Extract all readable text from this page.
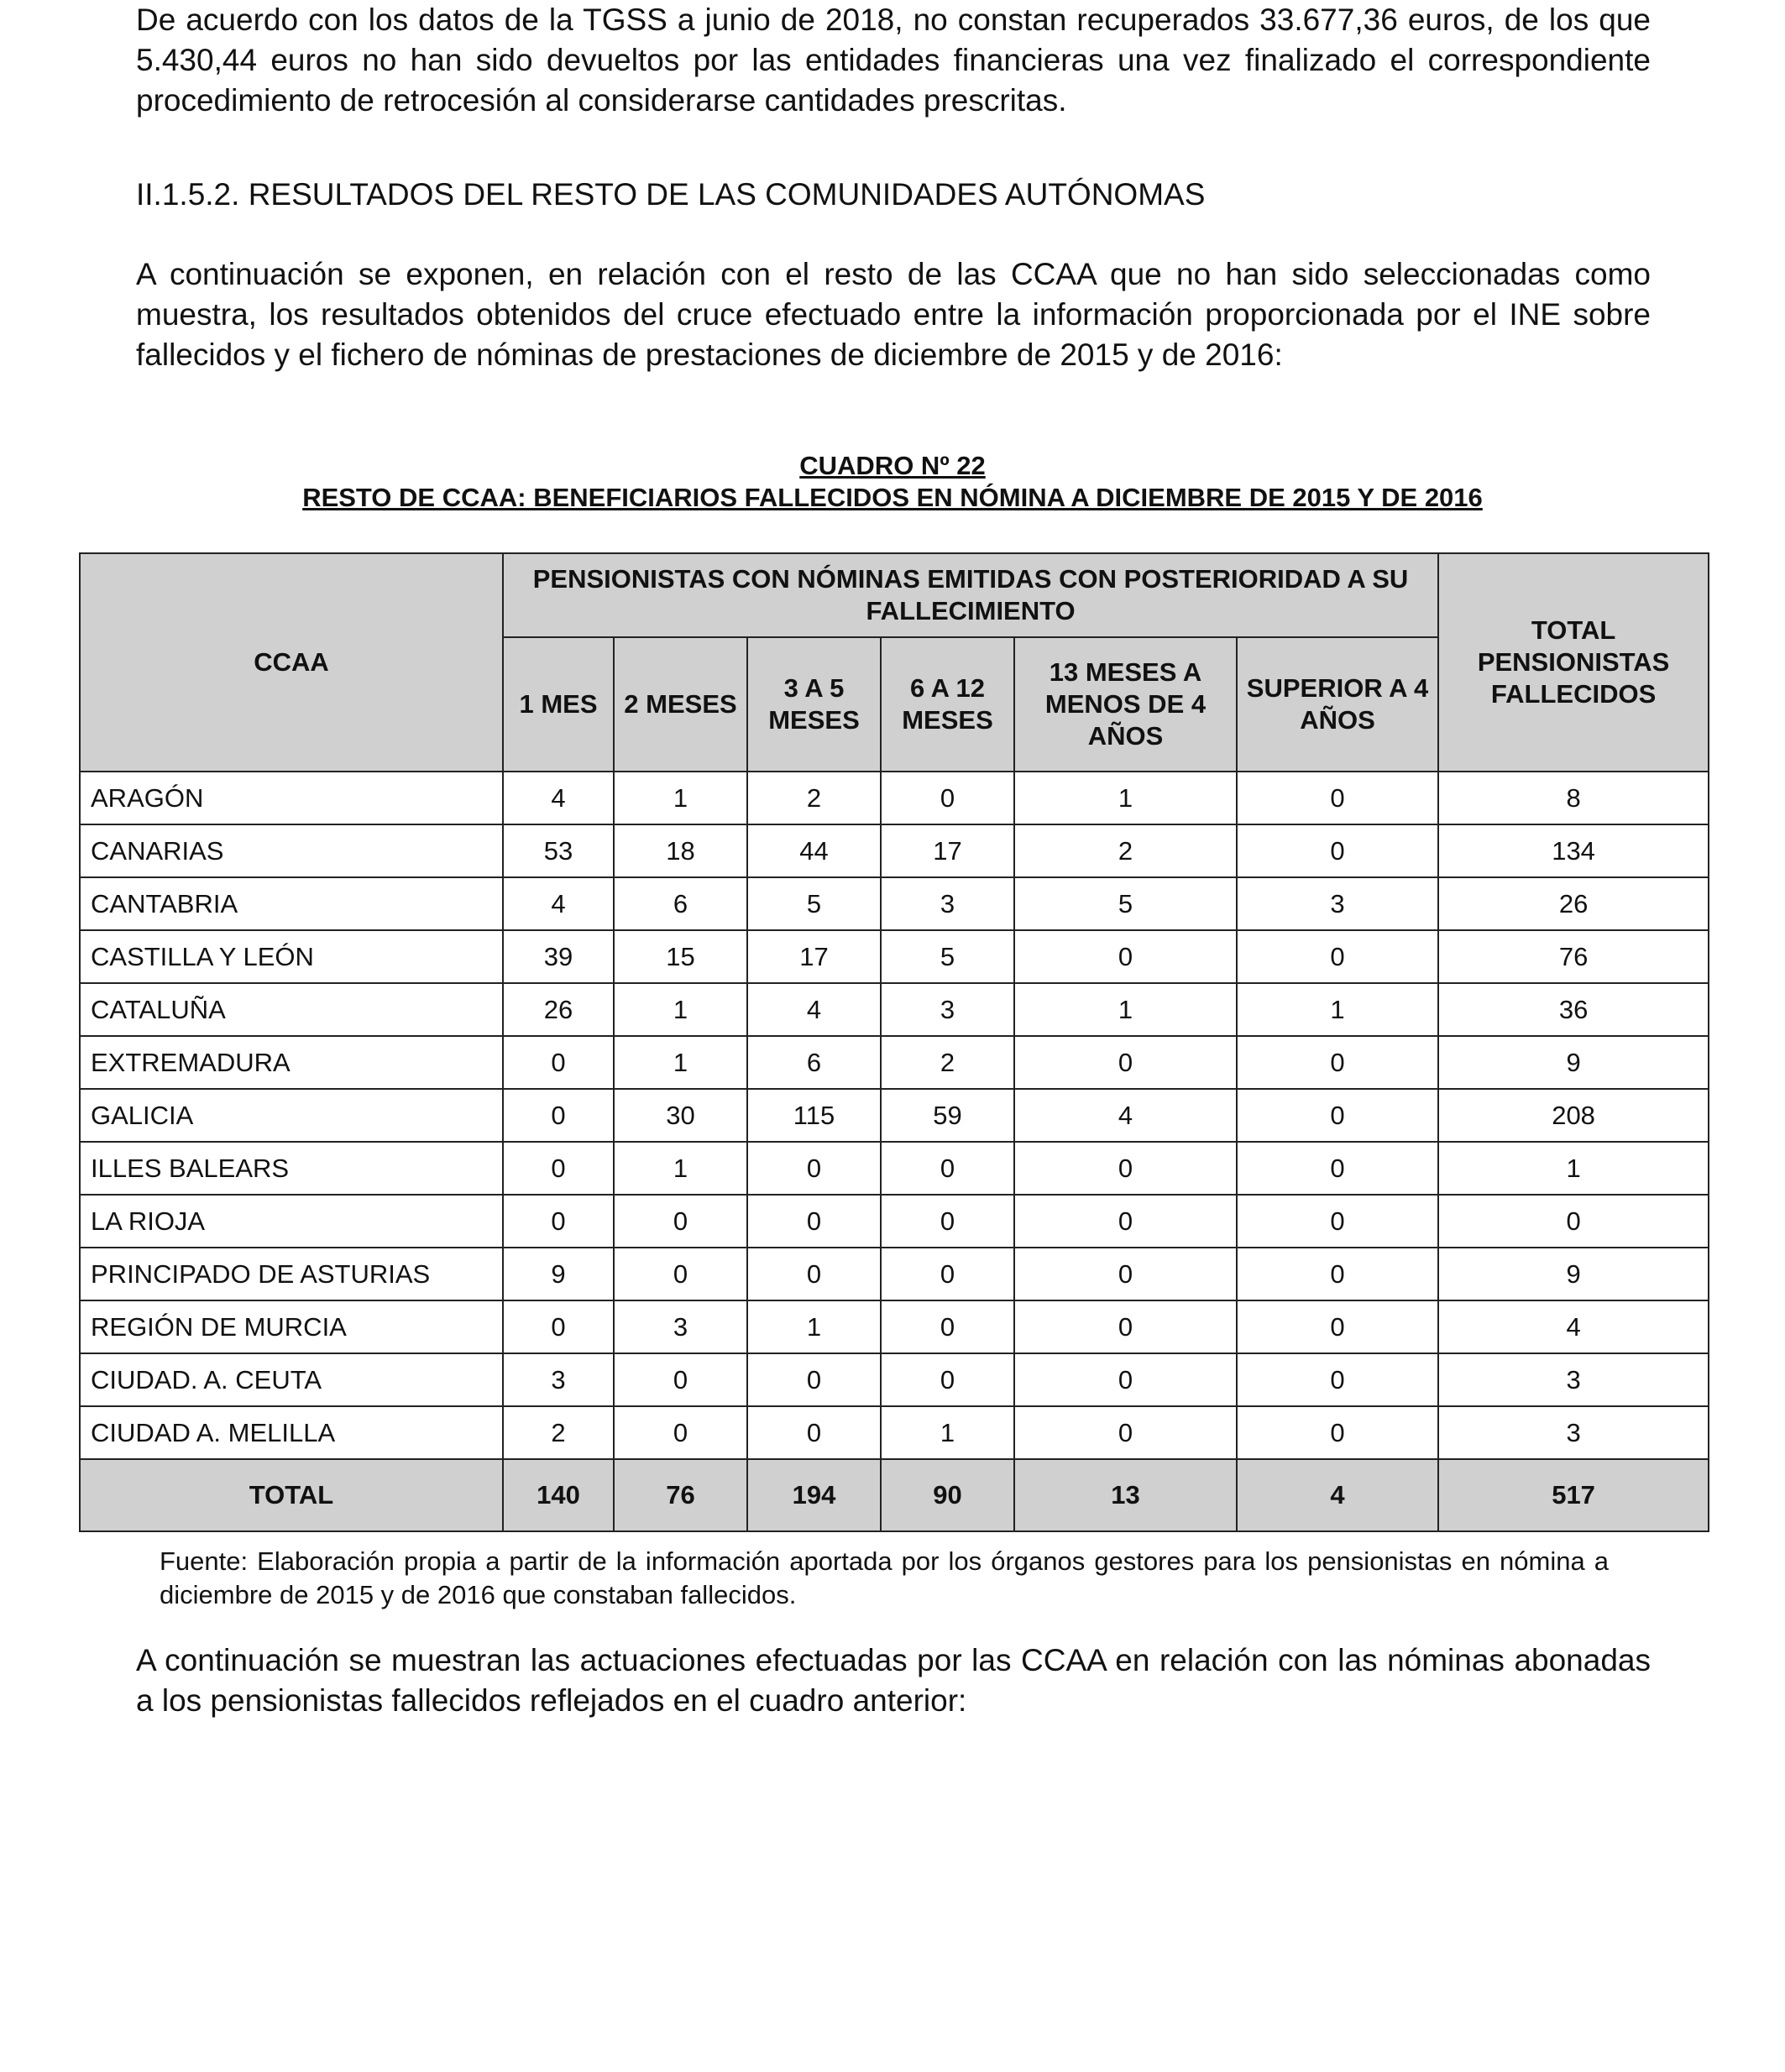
De acuerdo con los datos de la TGSS a junio de 2018, no constan recuperados 33.677,36 euros, de los que 5.430,44 euros no han sido devueltos por las entidades financieras una vez finalizado el correspondiente procedimiento de retrocesión al considerarse cantidades prescritas.

II.1.5.2. RESULTADOS DEL RESTO DE LAS COMUNIDADES AUTÓNOMAS

A continuación se exponen, en relación con el resto de las CCAA que no han sido seleccionadas como muestra, los resultados obtenidos del cruce efectuado entre la información proporcionada por el INE sobre fallecidos y el fichero de nóminas de prestaciones de diciembre de 2015 y de 2016:

CUADRO Nº 22

RESTO DE CCAA: BENEFICIARIOS FALLECIDOS EN NÓMINA A DICIEMBRE DE 2015 Y DE 2016

CCAA	PENSIONISTAS CON NÓMINAS EMITIDAS CON POSTERIORIDAD A SU FALLECIMIENTO						TOTAL PENSIONISTAS FALLECIDOS
	1 MES	2 MESES	3 A 5 MESES	6 A 12 MESES	13 MESES A MENOS DE 4 AÑOS	SUPERIOR A 4 AÑOS	
ARAGÓN	4	1	2	0	1	0	8
CANARIAS	53	18	44	17	2	0	134
CANTABRIA	4	6	5	3	5	3	26
CASTILLA Y LEÓN	39	15	17	5	0	0	76
CATALUÑA	26	1	4	3	1	1	36
EXTREMADURA	0	1	6	2	0	0	9
GALICIA	0	30	115	59	4	0	208
ILLES BALEARS	0	1	0	0	0	0	1
LA RIOJA	0	0	0	0	0	0	0
PRINCIPADO DE ASTURIAS	9	0	0	0	0	0	9
REGIÓN DE MURCIA	0	3	1	0	0	0	4
CIUDAD. A. CEUTA	3	0	0	0	0	0	3
CIUDAD A. MELILLA	2	0	0	1	0	0	3
TOTAL	140	76	194	90	13	4	517

Fuente: Elaboración propia a partir de la información aportada por los órganos gestores para los pensionistas en nómina a diciembre de 2015 y de 2016 que constaban fallecidos.

A continuación se muestran las actuaciones efectuadas por las CCAA en relación con las nóminas abonadas a los pensionistas fallecidos reflejados en el cuadro anterior:
